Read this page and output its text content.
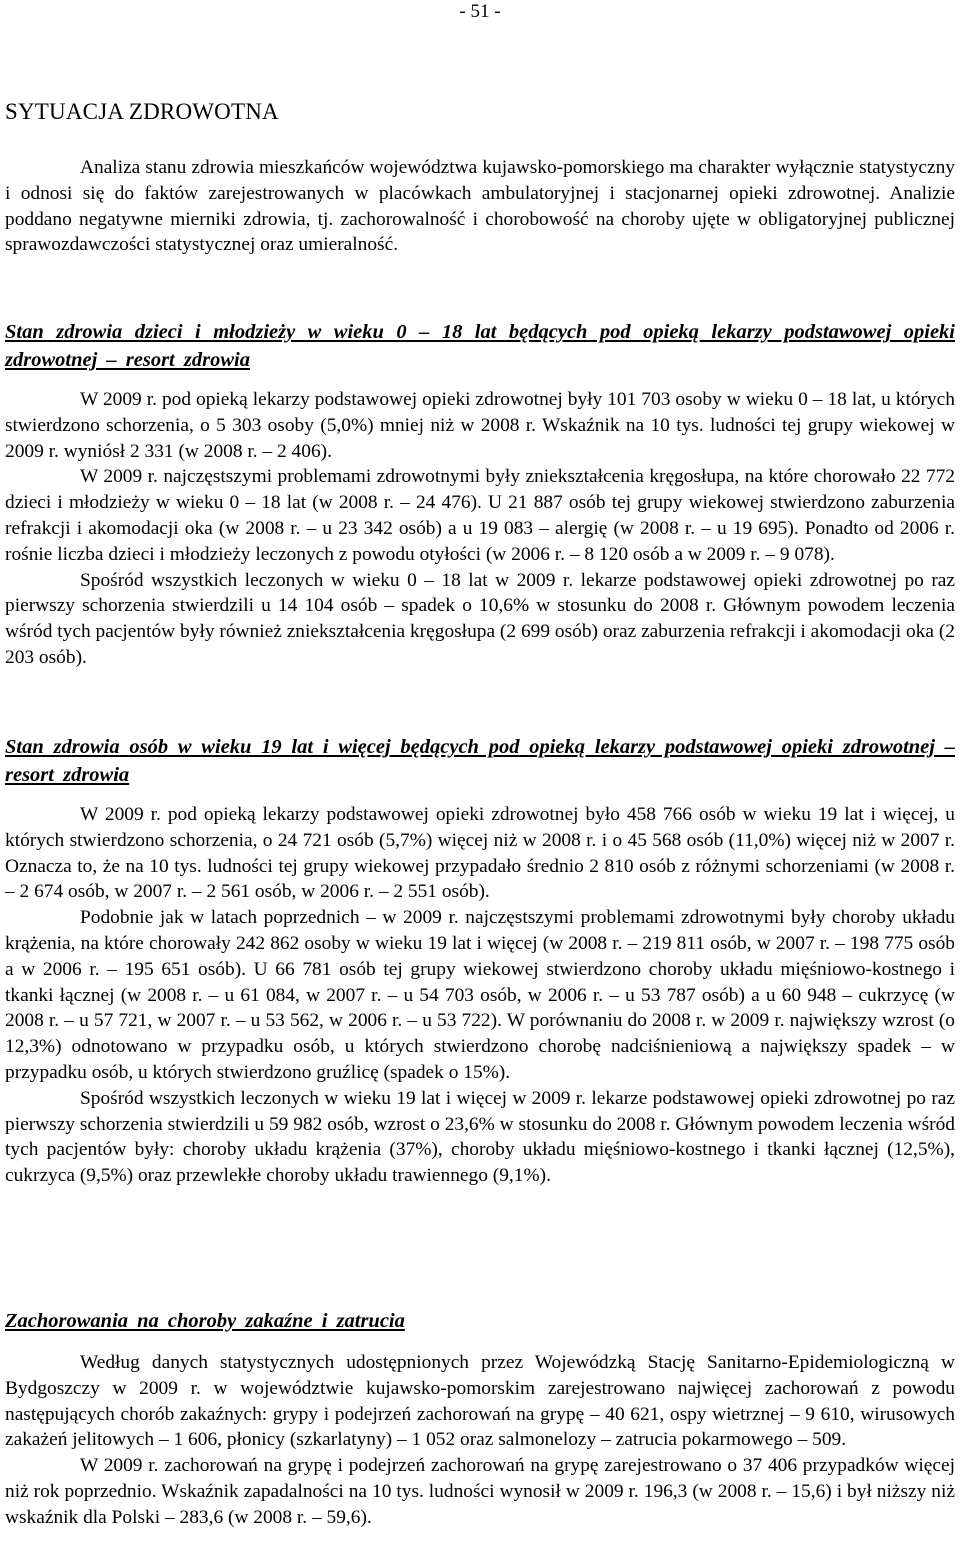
- 51 -
SYTUACJA ZDROWOTNA

Analiza stanu zdrowia mieszkańców województwa kujawsko-pomorskiego ma charakter wyłącznie statystyczny i odnosi się do faktów zarejestrowanych w placówkach ambulatoryjnej i stacjonarnej opieki zdrowotnej. Analizie poddano negatywne mierniki zdrowia, tj. zachorowalność i chorobowość na choroby ujęte w obligatoryjnej publicznej sprawozdawczości statystycznej oraz umieralność.

Stan zdrowia dzieci i młodzieży w wieku 0 – 18 lat będących pod opieką lekarzy podstawowej opieki zdrowotnej – resort zdrowia

W 2009 r. pod opieką lekarzy podstawowej opieki zdrowotnej były 101 703 osoby w wieku 0 – 18 lat, u których stwierdzono schorzenia, o 5 303 osoby (5,0%) mniej niż w 2008 r. Wskaźnik na 10 tys. ludności tej grupy wiekowej w 2009 r. wyniósł 2 331 (w 2008 r. – 2 406).

W 2009 r. najczęstszymi problemami zdrowotnymi były zniekształcenia kręgosłupa, na które chorowało 22 772 dzieci i młodzieży w wieku 0 – 18 lat (w 2008 r. – 24 476). U 21 887 osób tej grupy wiekowej stwierdzono zaburzenia refrakcji i akomodacji oka (w 2008 r. – u 23 342 osób) a u 19 083 – alergię (w 2008 r. – u 19 695). Ponadto od 2006 r. rośnie liczba dzieci i młodzieży leczonych z powodu otyłości (w 2006 r. – 8 120 osób a w 2009 r. – 9 078).

Spośród wszystkich leczonych w wieku 0 – 18 lat w 2009 r. lekarze podstawowej opieki zdrowotnej po raz pierwszy schorzenia stwierdzili u 14 104 osób – spadek o 10,6% w stosunku do 2008 r. Głównym powodem leczenia wśród tych pacjentów były również zniekształcenia kręgosłupa (2 699 osób) oraz zaburzenia refrakcji i akomodacji oka (2 203 osób).

Stan zdrowia osób w wieku 19 lat i więcej będących pod opieką lekarzy podstawowej opieki zdrowotnej – resort zdrowia

W 2009 r. pod opieką lekarzy podstawowej opieki zdrowotnej było 458 766 osób w wieku 19 lat i więcej, u których stwierdzono schorzenia, o 24 721 osób (5,7%) więcej niż w 2008 r. i o 45 568 osób (11,0%) więcej niż w 2007 r. Oznacza to, że na 10 tys. ludności tej grupy wiekowej przypadało średnio 2 810 osób z różnymi schorzeniami (w 2008 r. – 2 674 osób, w 2007 r. – 2 561 osób, w 2006 r. – 2 551 osób).

Podobnie jak w latach poprzednich – w 2009 r. najczęstszymi problemami zdrowotnymi były choroby układu krążenia, na które chorowały 242 862 osoby w wieku 19 lat i więcej (w 2008 r. – 219 811 osób, w 2007 r. – 198 775 osób a w 2006 r. – 195 651 osób). U 66 781 osób tej grupy wiekowej stwierdzono choroby układu mięśniowo-kostnego i tkanki łącznej (w 2008 r. – u 61 084, w 2007 r. – u 54 703 osób, w 2006 r. – u 53 787 osób) a u 60 948 – cukrzycę (w 2008 r. – u 57 721, w 2007 r. – u 53 562, w 2006 r. – u 53 722). W porównaniu do 2008 r. w 2009 r. największy wzrost (o 12,3%) odnotowano w przypadku osób, u których stwierdzono chorobę nadciśnieniową a największy spadek – w przypadku osób, u których stwierdzono gruźlicę (spadek o 15%).

Spośród wszystkich leczonych w wieku 19 lat i więcej w 2009 r. lekarze podstawowej opieki zdrowotnej po raz pierwszy schorzenia stwierdzili u 59 982 osób, wzrost o 23,6% w stosunku do 2008 r. Głównym powodem leczenia wśród tych pacjentów były: choroby układu krążenia (37%), choroby układu mięśniowo-kostnego i tkanki łącznej (12,5%), cukrzyca (9,5%) oraz przewlekłe choroby układu trawiennego (9,1%).

Zachorowania na choroby zakaźne i zatrucia

Według danych statystycznych udostępnionych przez Wojewódzką Stację Sanitarno-Epidemiologiczną w Bydgoszczy w 2009 r. w województwie kujawsko-pomorskim zarejestrowano najwięcej zachorowań z powodu następujących chorób zakaźnych: grypy i podejrzeń zachorowań na grypę – 40 621, ospy wietrznej – 9 610, wirusowych zakażeń jelitowych – 1 606, płonicy (szkarlatyny) – 1 052 oraz salmonelozy – zatrucia pokarmowego – 509.

W 2009 r. zachorowań na grypę i podejrzeń zachorowań na grypę zarejestrowano o 37 406 przypadków więcej niż rok poprzednio. Wskaźnik zapadalności na 10 tys. ludności wynosił w 2009 r. 196,3 (w 2008 r. – 15,6) i był niższy niż wskaźnik dla Polski – 283,6 (w 2008 r. – 59,6).
